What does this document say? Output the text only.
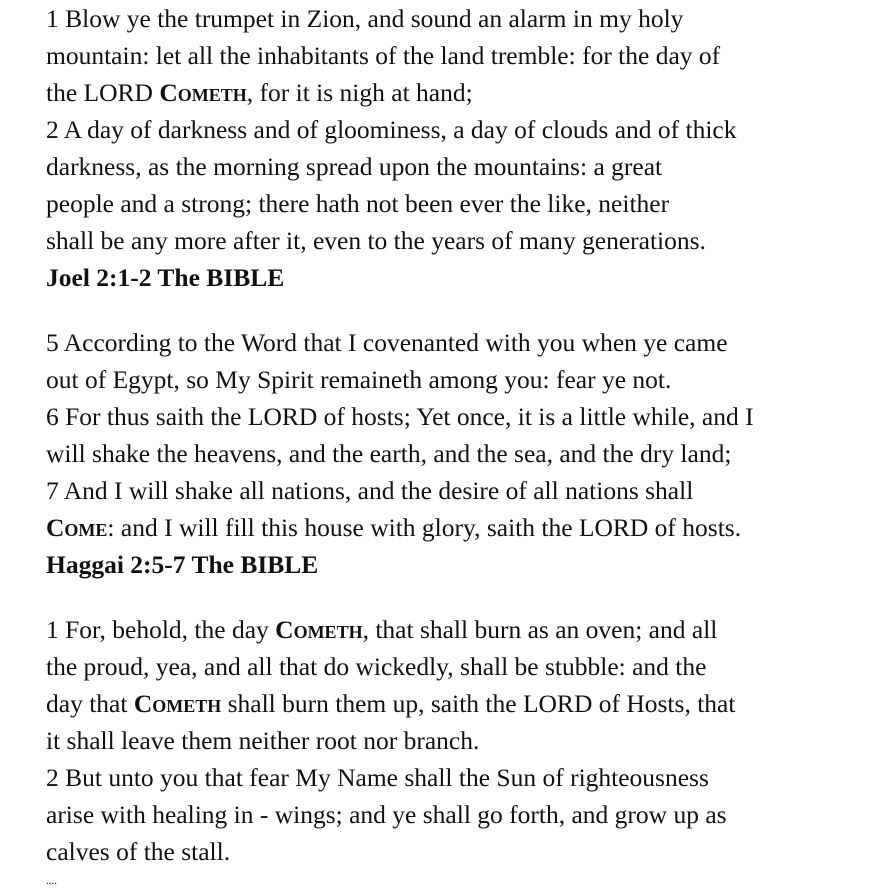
1 Blow ye the trumpet in Zion, and sound an alarm in my holy
mountain: let all the inhabitants of the land tremble: for the day of
the LORD Cometh, for it is nigh at hand;
2 A day of darkness and of gloominess, a day of clouds and of thick
darkness, as the morning spread upon the mountains: a great
people and a strong; there hath not been ever the like, neither
shall be any more after it, even to the years of many generations.
Joel 2:1-2 The BIBLE
5 According to the Word that I covenanted with you when ye came
out of Egypt, so My Spirit remaineth among you: fear ye not.
6 For thus saith the LORD of hosts; Yet once, it is a little while, and I
will shake the heavens, and the earth, and the sea, and the dry land;
7 And I will shake all nations, and the desire of all nations shall
Come: and I will fill this house with glory, saith the LORD of hosts.
Haggai 2:5-7 The BIBLE
1 For, behold, the day Cometh, that shall burn as an oven; and all
the proud, yea, and all that do wickedly, shall be stubble: and the
day that Cometh shall burn them up, saith the LORD of Hosts, that
it shall leave them neither root nor branch.
2 But unto you that fear My Name shall the Sun of righteousness
arise with healing in - wings; and ye shall go forth, and grow up as
calves of the stall.
....
